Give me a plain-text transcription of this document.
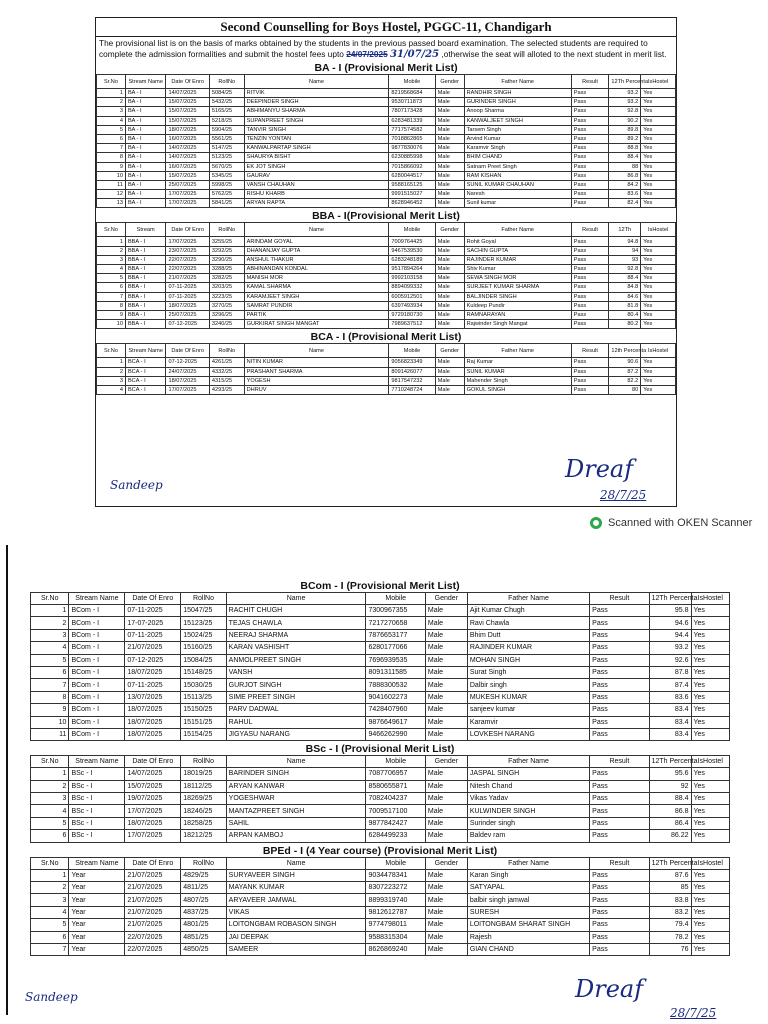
Second Counselling for Boys Hostel, PGGC-11, Chandigarh
The provisional list is on the basis of marks obtained by the students in the previous passed board examination. The selected students are required to complete the admission formalities and submit the hostel fees upto 24/07/2025 31/07/25 ,otherwise the seat will alloted to the next student in merit list.
BA - I (Provisional Merit List)
Sr.No	Stream Name	Date Of Enro	RollNo	Name	Mobile	Gender	Father Name	Result	12Th Percenta	IsHostel
1	BA - I	14/07/2025	5084/25	RITVIK	8219568684	Male	RANDHIR SINGH	Pass	93.2	Yes
2	BA - I	15/07/2025	5432/25	DEEPINDER SINGH	9530711873	Male	GURINDER SINGH	Pass	93.2	Yes
3	BA - I	15/07/2025	5165/25	ABHIMANYU SHARMA	7807173428	Male	Anoop Sharma	Pass	92.8	Yes
4	BA - I	15/07/2025	5218/25	SUPANPREET SINGH	6283481339	Male	KANWALJEET SINGH	Pass	90.2	Yes
5	BA - I	18/07/2025	5904/25	TANVIR SINGH	7717574582	Male	Tarsem Singh	Pass	89.8	Yes
6	BA - I	16/07/2025	5561/25	TENZIN YONTAN	7018862865	Male	Arvind Kumar	Pass	89.2	Yes
7	BA - I	14/07/2025	5147/25	KANWALPARTAP SINGH	9877830076	Male	Karamvir Singh	Pass	88.8	Yes
8	BA - I	14/07/2025	5123/25	SHAURYA BISHT	6230885998	Male	BHIM CHAND	Pass	88.4	Yes
9	BA - I	16/07/2025	5670/25	EK JOT SINGH	7015866092	Male	Satnam Preet Singh	Pass	88	Yes
10	BA - I	15/07/2025	5345/25	GAURAV	6280044517	Male	RAM KISHAN	Pass	86.8	Yes
11	BA - I	25/07/2025	5998/25	VANSH CHAUHAN	9588165125	Male	SUNIL KUMAR CHAUHAN	Pass	84.2	Yes
12	BA - I	17/07/2025	5762/25	RISHU KHARB	9991515027	Male	Naresh	Pass	83.6	Yes
13	BA - I	17/07/2025	5841/25	ARYAN RAPTA	8628946452	Male	Sunil kumar	Pass	82.4	Yes
BBA - I(Provisional Merit List)
Sr.No	Stream	Date Of Enro	RollNo	Name	Mobile	Gender	Father Name	Result	12Th	IsHostel
1	BBA - I	17/07/2025	3255/25	ARINDAM GOYAL	7009764425	Male	Rohit Goyal	Pass	94.8	Yes
2	BBA - I	23/07/2025	3292/25	DHANANJAY GUPTA	9467539530	Male	SACHIN GUPTA	Pass	94	Yes
3	BBA - I	22/07/2025	3290/25	ANSHUL THAKUR	6283248189	Male	RAJINDER KUMAR	Pass	93	Yes
4	BBA - I	22/07/2025	3288/25	ABHINANDAN KONDAL	9517894264	Male	Shiv Kumar	Pass	92.8	Yes
5	BBA - I	21/07/2025	3282/25	MANISH MOR	9992103158	Male	SEWA SINGH MOR	Pass	88.4	Yes
6	BBA - I	07-11-2025	3203/25	KAMAL SHARMA	8894099332	Male	SURJEET KUMAR SHARMA	Pass	84.8	Yes
7	BBA - I	07-11-2025	3223/25	KARAMJEET SINGH	6005912501	Male	BALJINDER SINGH	Pass	84.6	Yes
8	BBA - I	18/07/2025	3270/25	SAMRAT PUNDIR	6397493934	Male	Kuldeep Pundir	Pass	81.8	Yes
9	BBA - I	25/07/2025	3296/25	PARTIK	9729180730	Male	RAMNARAYAN	Pass	80.4	Yes
10	BBA - I	07-12-2025	3240/25	GURKIRAT SINGH MANGAT	7989637512	Male	Rajwinder Singh Mangat	Pass	80.2	Yes
BCA - I (Provisional Merit List)
Sr.No	Stream Name	Date Of Enro	RollNo	Name	Mobile	Gender	Father Name	Result	12th Percenta	IsHostel
1	BCA - I	07-12-2025	4261/25	NITIN KUMAR	9056823349	Male	Raj Kumar	Pass	90.6	Yes
2	BCA - I	24/07/2025	4332/25	PRASHANT SHARMA	8091426077	Male	SUNIL KUMAR	Pass	87.2	Yes
3	BCA - I	18/07/2025	4315/25	YOGESH	9817547232	Male	Mahender Singh	Pass	82.2	Yes
4	BCA - I	17/07/2025	4293/25	DHRUV	7710248724	Male	GOKUL SINGH	Pass	80	Yes
Sandeep
Dreaf
28/7/25
Scanned with OKEN Scanner
BCom - I (Provisional Merit List)
Sr.No	Stream Name	Date Of Enro	RollNo	Name	Mobile	Gender	Father Name	Result	12Th Percenta	IsHostel
1	BCom - I	07-11-2025	15047/25	RACHIT CHUGH	7300967355	Male	Ajit Kumar Chugh	Pass	95.8	Yes
2	BCom - I	17-07-2025	15123/25	TEJAS CHAWLA	7217270658	Male	Ravi Chawla	Pass	94.6	Yes
3	BCom - I	07-11-2025	15024/25	NEERAJ SHARMA	7876653177	Male	Bhim Dutt	Pass	94.4	Yes
4	BCom - I	21/07/2025	15160/25	KARAN VASHISHT	6280177066	Male	RAJINDER KUMAR	Pass	93.2	Yes
5	BCom - I	07-12-2025	15084/25	ANMOLPREET SINGH	7696939535	Male	MOHAN SINGH	Pass	92.6	Yes
6	BCom - I	18/07/2025	15148/25	VANSH	8091311585	Male	Surat Singh	Pass	87.8	Yes
7	BCom - I	07-11-2025	15030/25	GURJOT SINGH	7888300532	Male	Dalbir singh	Pass	87.4	Yes
8	BCom - I	13/07/2025	15113/25	SIME PREET SINGH	9041602273	Male	MUKESH KUMAR	Pass	83.6	Yes
9	BCom - I	18/07/2025	15150/25	PARV DADWAL	7428407960	Male	sanjeev kumar	Pass	83.4	Yes
10	BCom - I	18/07/2025	15151/25	RAHUL	9876649617	Male	Karamvir	Pass	83.4	Yes
11	BCom - I	18/07/2025	15154/25	JIGYASU NARANG	9466262990	Male	LOVKESH NARANG	Pass	83.4	Yes
BSc - I (Provisional Merit List)
Sr.No	Stream Name	Date Of Enro	RollNo	Name	Mobile	Gender	Father Name	Result	12Th Percenta	IsHostel
1	BSc - I	14/07/2025	18019/25	BARINDER SINGH	7087706957	Male	JASPAL SINGH	Pass	95.6	Yes
2	BSc - I	15/07/2025	18112/25	ARYAN KANWAR	8580655871	Male	Nitesh Chand	Pass	92	Yes
3	BSc - I	19/07/2025	18269/25	YOGESHWAR	7082404237	Male	Vikas Yadav	Pass	88.4	Yes
4	BSc - I	17/07/2025	18246/25	MANTAZPREET SINGH	7009517100	Male	KULWINDER SINGH	Pass	86.8	Yes
5	BSc - I	18/07/2025	18258/25	SAHIL	9877842427	Male	Surinder singh	Pass	86.4	Yes
6	BSc - I	17/07/2025	18212/25	ARPAN KAMBOJ	6284499233	Male	Baldev ram	Pass	86.22	Yes
BPEd - I (4 Year course) (Provisional Merit List)
Sr.No	Stream Name	Date Of Enro	RollNo	Name	Mobile	Gender	Father Name	Result	12Th Percenta	IsHostel
1	Year	21/07/2025	4829/25	SURYAVEER SINGH	9034478341	Male	Karan Singh	Pass	87.6	Yes
2	Year	21/07/2025	4811/25	MAYANK KUMAR	8307223272	Male	SATYAPAL	Pass	85	Yes
3	Year	21/07/2025	4807/25	ARYAVEER JAMWAL	8899319740	Male	balbir singh jamwal	Pass	83.8	Yes
4	Year	21/07/2025	4837/25	VIKAS	9812612787	Male	SURESH	Pass	83.2	Yes
5	Year	21/07/2025	4801/25	LOITONGBAM ROBASON SINGH	9774798011	Male	LOITONGBAM SHARAT SINGH	Pass	79.4	Yes
6	Year	22/07/2025	4851/25	JAI DEEPAK	9588315304	Male	Rajesh	Pass	78.2	Yes
7	Year	22/07/2025	4850/25	SAMEER	8626869240	Male	GIAN CHAND	Pass	76	Yes
Sandeep	Dreaf
28/7/25
